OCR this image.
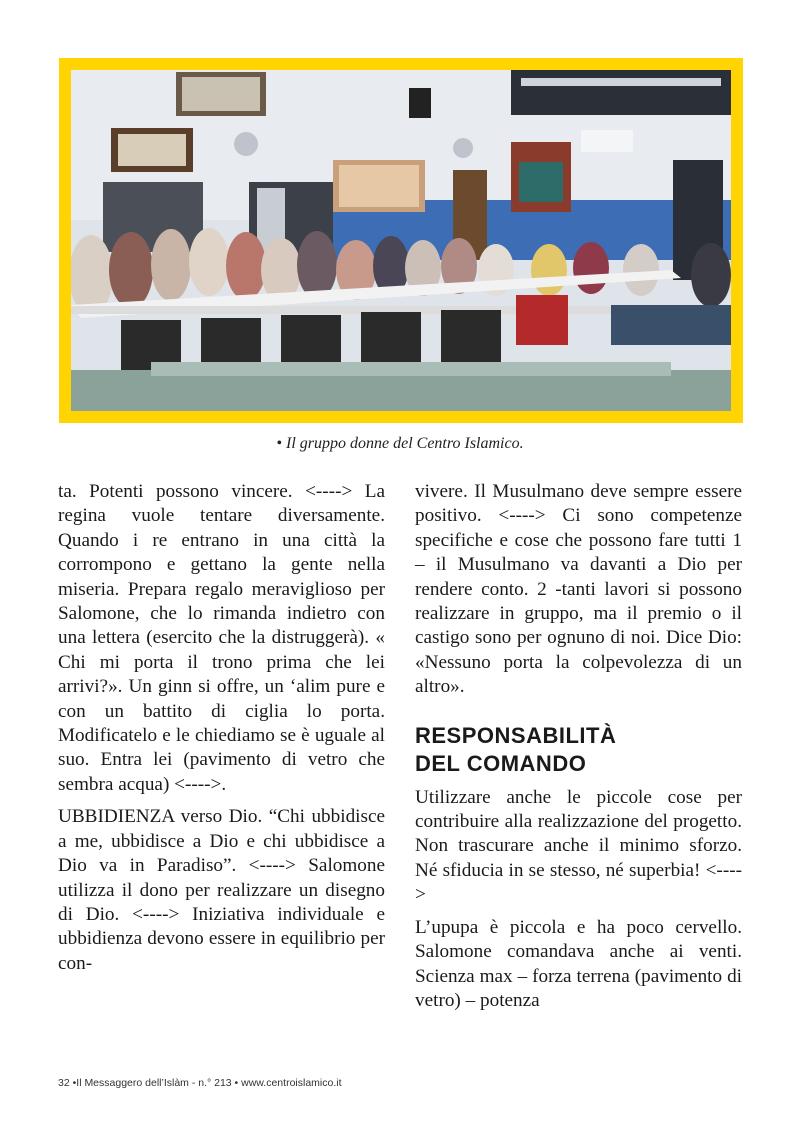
• Il gruppo donne del Centro Islamico.

ta. Potenti possono vincere. <----> La regina vuole tentare diversamente. Quando i re entrano in una città la corrompono e gettano la gente nella miseria. Prepara regalo meraviglioso per Salomone, che lo rimanda indietro con una lettera (esercito che la distruggerà). « Chi mi porta il trono prima che lei arrivi?». Un ginn si offre, un ‘alim pure e con un battito di ciglia lo porta. Modificatelo e le chiediamo se è uguale al suo. Entra lei (pavimento di vetro che sembra acqua) <---->.

UBBIDIENZA verso Dio. “Chi ubbidisce a me, ubbidisce a Dio e chi ubbidisce a Dio va in Paradiso”. <----> Salomone utilizza il dono per realizzare un disegno di Dio. <----> Iniziativa individuale e ubbidienza devono essere in equilibrio per con-

vivere. Il Musulmano deve sempre essere positivo. <----> Ci sono competenze specifiche e cose che possono fare tutti 1 – il Musulmano va davanti a Dio per rendere conto. 2 -tanti lavori si possono realizzare in gruppo, ma il premio o il castigo sono per ognuno di noi. Dice Dio: «Nessuno porta la colpevolezza di un altro».

RESPONSABILITÀ
DEL COMANDO

Utilizzare anche le piccole cose per contribuire alla realizzazione del progetto. Non trascurare anche il minimo sforzo. Né sfiducia in se stesso, né superbia! <---->

L’upupa è piccola e ha poco cervello. Salomone comandava anche ai venti. Scienza max – forza terrena (pavimento di vetro) – potenza

32 •Il Messaggero dell’Islàm - n.° 213 • www.centroislamico.it
